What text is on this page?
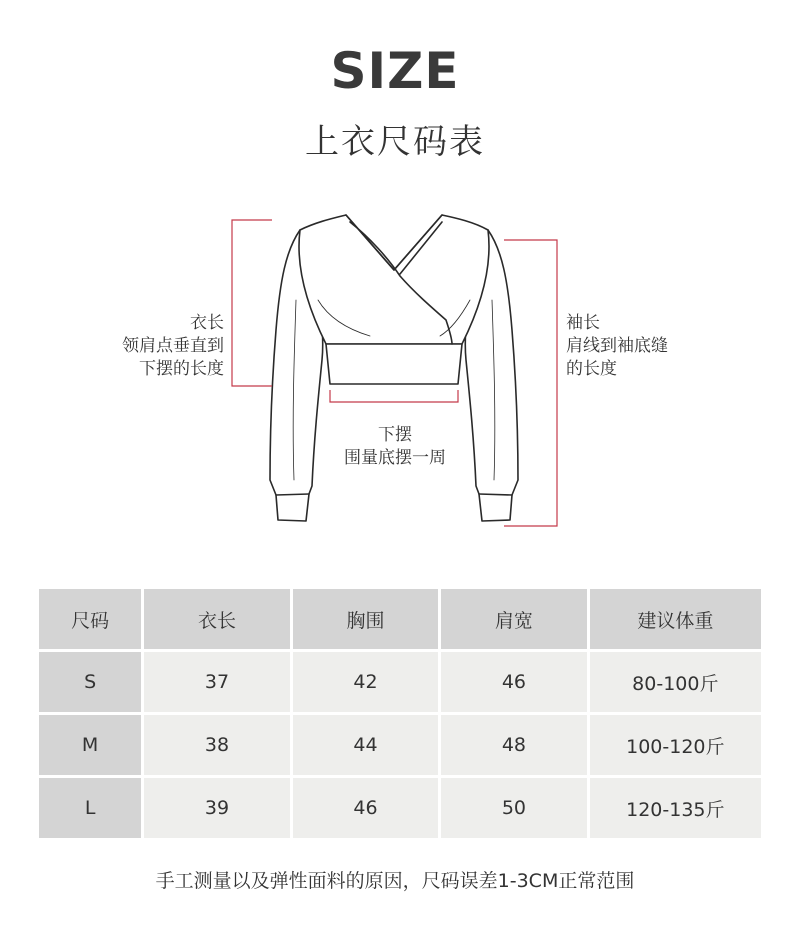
SIZE
上衣尺码表
衣长
领肩点垂直到
下摆的长度
袖长
肩线到袖底缝
的长度
下摆
围量底摆一周
尺码	衣长	胸围	肩宽	建议体重
S	37	42	46	80-100斤
M	38	44	48	100-120斤
L	39	46	50	120-135斤
手工测量以及弹性面料的原因，尺码误差1-3CM正常范围
